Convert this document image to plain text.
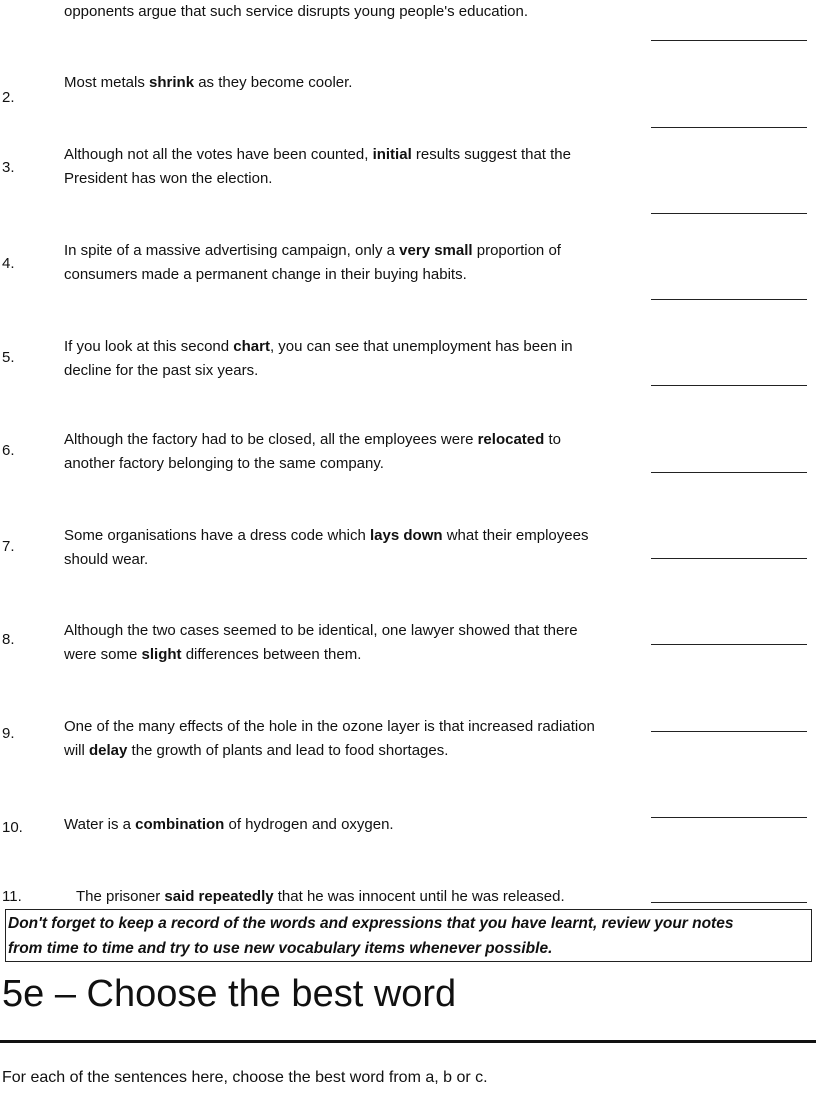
opponents argue that such service disrupts young people's education.
2.
Most metals shrink as they become cooler.
3.
Although not all the votes have been counted, initial results suggest that the
President has won the election.
4.
In spite of a massive advertising campaign, only a very small proportion of
consumers made a permanent change in their buying habits.
5.
If you look at this second chart, you can see that unemployment has been in
decline for the past six years.
6.
Although the factory had to be closed, all the employees were relocated to
another factory belonging to the same company.
7.
Some organisations have a dress code which lays down what their employees
should wear.
8.
Although the two cases seemed to be identical, one lawyer showed that there
were some slight differences between them.
9.	One of the many effects of the hole in the ozone layer is that increased radiation
will delay the growth of plants and lead to food shortages.
10.	Water is a combination of hydrogen and oxygen.
11.	The prisoner said repeatedly that he was innocent until he was released.
Don't forget to keep a record of the words and expressions that you have learnt, review your notes
from time to time and try to use new vocabulary items whenever possible.
5e – Choose the best word
For each of the sentences here, choose the best word from a, b or c.
